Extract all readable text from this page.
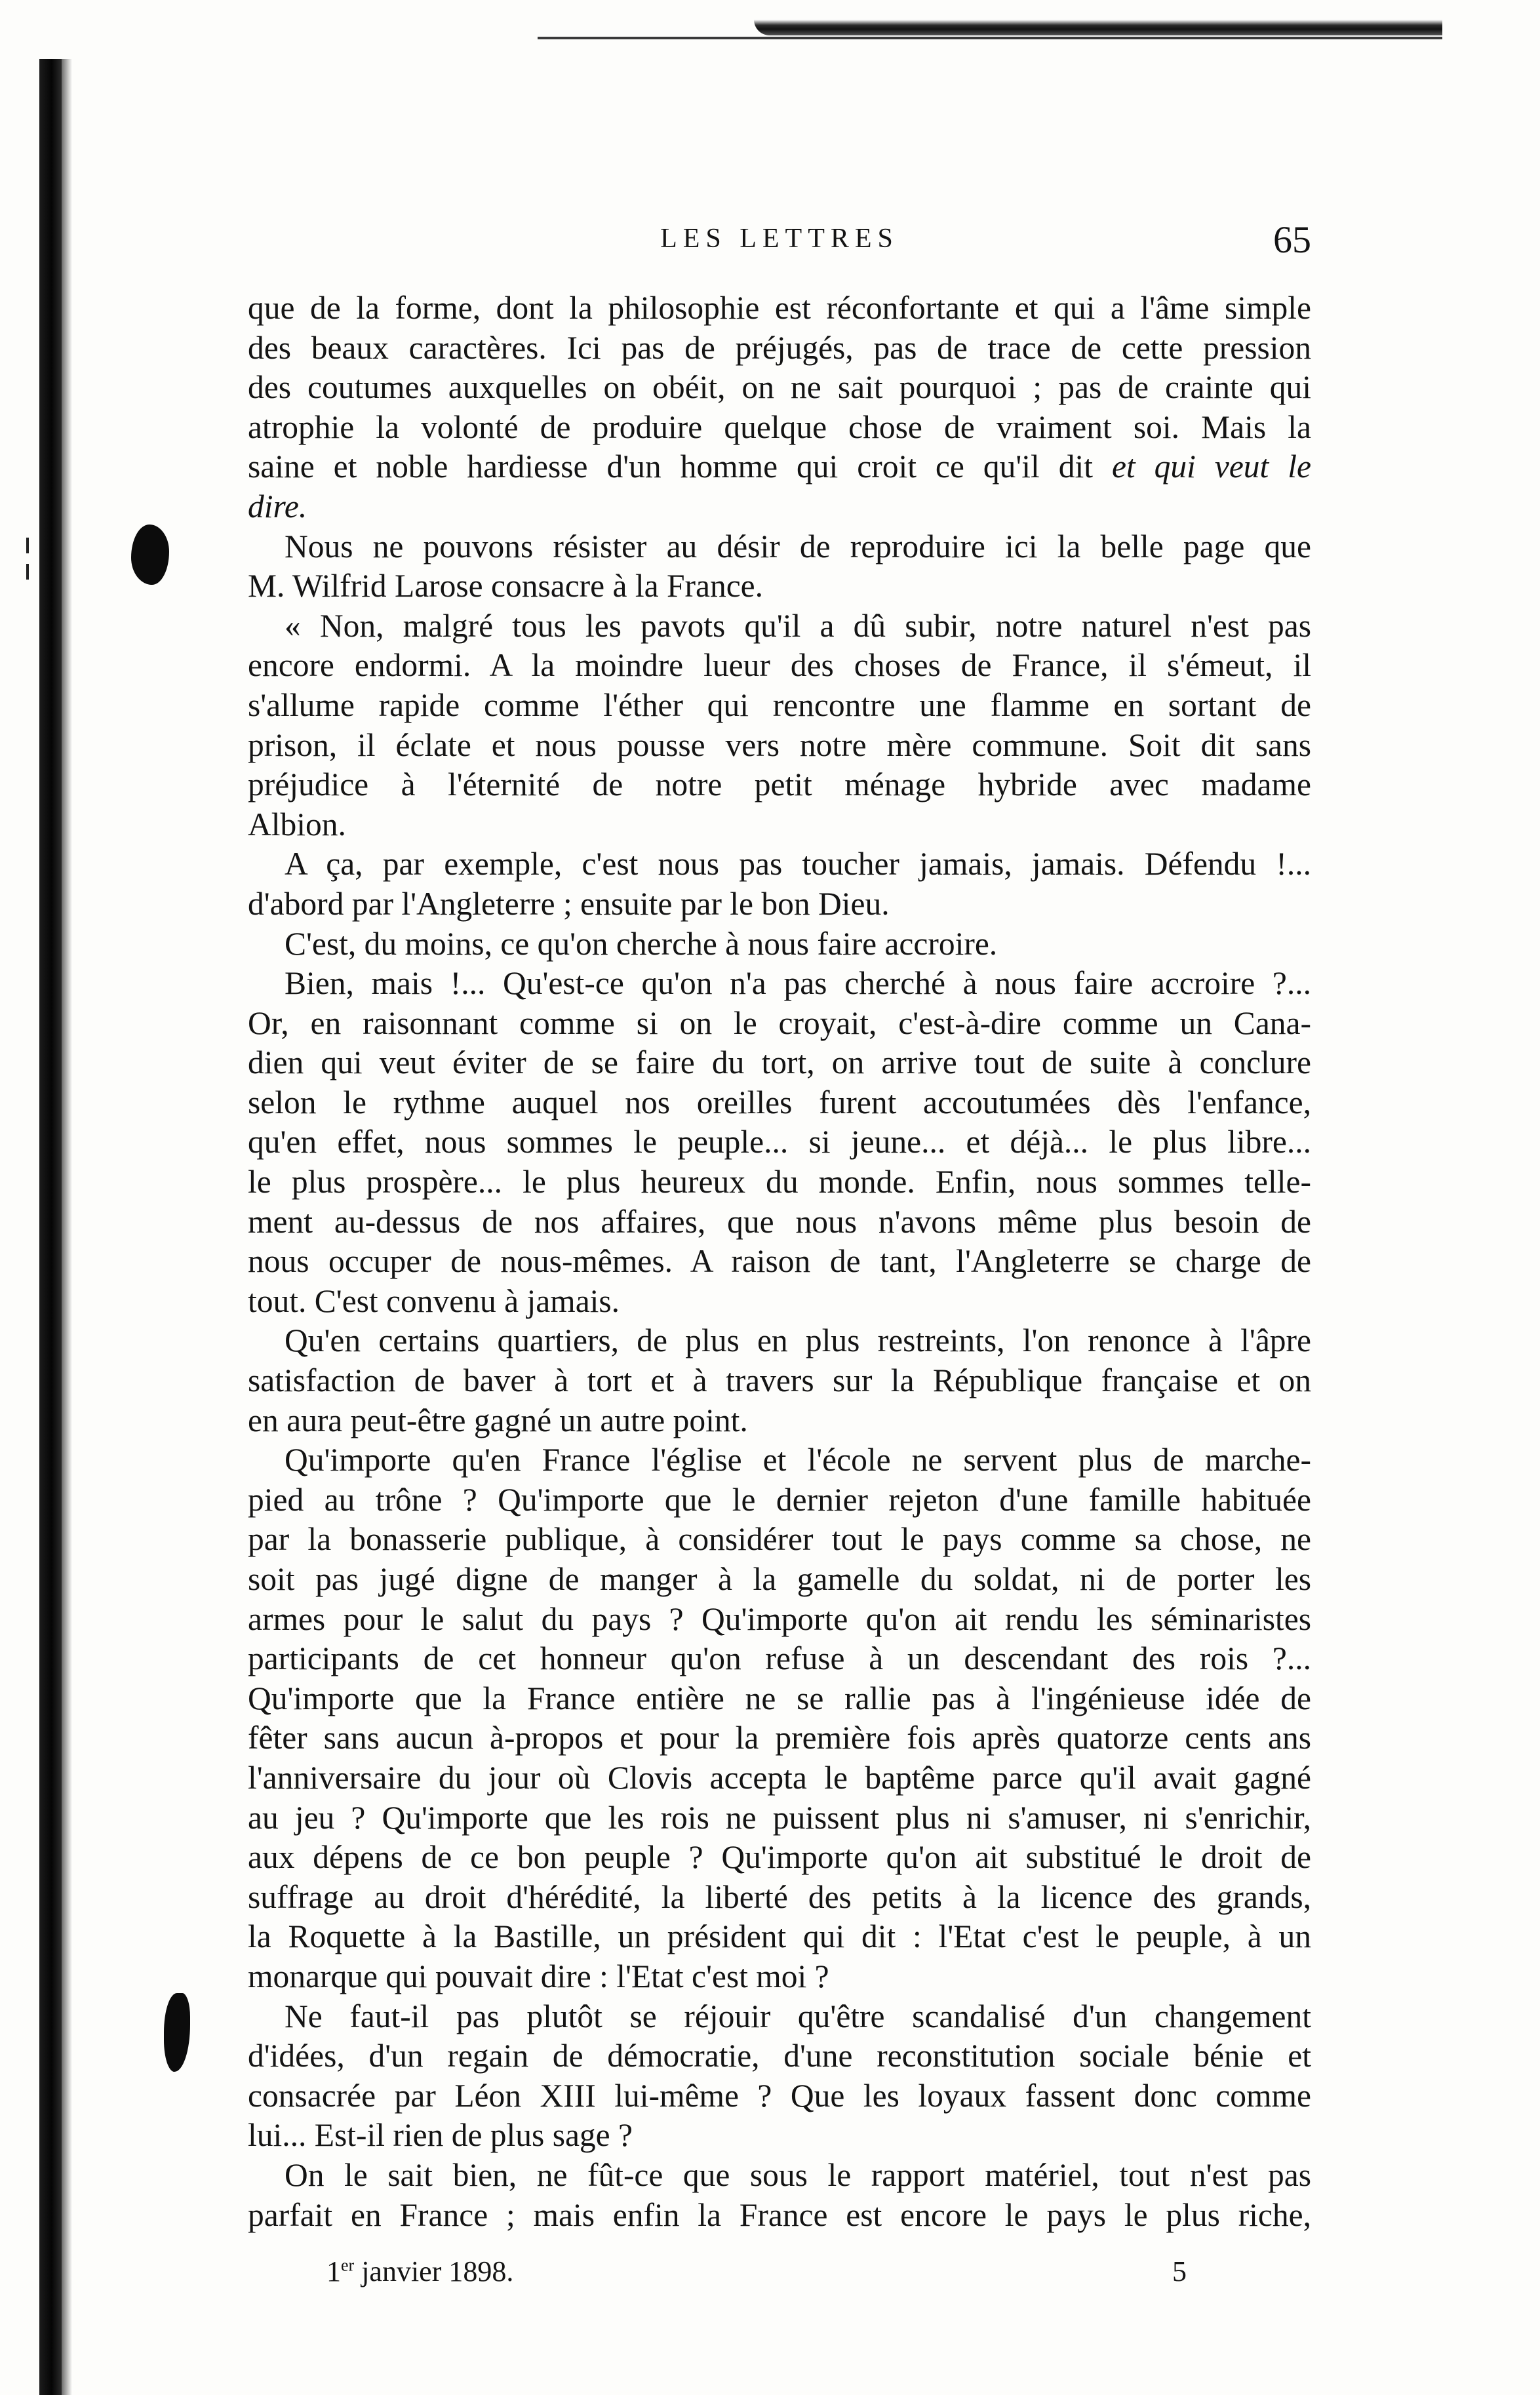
LES LETTRES	65
que de la forme, dont la philosophie est réconfortante et qui a l'âme simple
des beaux caractères. Ici pas de préjugés, pas de trace de cette pression
des coutumes auxquelles on obéit, on ne sait pourquoi ; pas de crainte qui
atrophie la volonté de produire quelque chose de vraiment soi. Mais la
saine et noble hardiesse d'un homme qui croit ce qu'il dit et qui veut le
dire.
Nous ne pouvons résister au désir de reproduire ici la belle page que
M. Wilfrid Larose consacre à la France.
« Non, malgré tous les pavots qu'il a dû subir, notre naturel n'est pas
encore endormi. A la moindre lueur des choses de France, il s'émeut, il
s'allume rapide comme l'éther qui rencontre une flamme en sortant de
prison, il éclate et nous pousse vers notre mère commune. Soit dit sans
préjudice à l'éternité de notre petit ménage hybride avec madame
Albion.
A ça, par exemple, c'est nous pas toucher jamais, jamais. Défendu !...
d'abord par l'Angleterre ; ensuite par le bon Dieu.
C'est, du moins, ce qu'on cherche à nous faire accroire.
Bien, mais !... Qu'est-ce qu'on n'a pas cherché à nous faire accroire ?...
Or, en raisonnant comme si on le croyait, c'est-à-dire comme un Cana-
dien qui veut éviter de se faire du tort, on arrive tout de suite à conclure
selon le rythme auquel nos oreilles furent accoutumées dès l'enfance,
qu'en effet, nous sommes le peuple... si jeune... et déjà... le plus libre...
le plus prospère... le plus heureux du monde. Enfin, nous sommes telle-
ment au-dessus de nos affaires, que nous n'avons même plus besoin de
nous occuper de nous-mêmes. A raison de tant, l'Angleterre se charge de
tout. C'est convenu à jamais.
Qu'en certains quartiers, de plus en plus restreints, l'on renonce à l'âpre
satisfaction de baver à tort et à travers sur la République française et on
en aura peut-être gagné un autre point.
Qu'importe qu'en France l'église et l'école ne servent plus de marche-
pied au trône ? Qu'importe que le dernier rejeton d'une famille habituée
par la bonasserie publique, à considérer tout le pays comme sa chose, ne
soit pas jugé digne de manger à la gamelle du soldat, ni de porter les
armes pour le salut du pays ? Qu'importe qu'on ait rendu les séminaristes
participants de cet honneur qu'on refuse à un descendant des rois ?...
Qu'importe que la France entière ne se rallie pas à l'ingénieuse idée de
fêter sans aucun à-propos et pour la première fois après quatorze cents ans
l'anniversaire du jour où Clovis accepta le baptême parce qu'il avait gagné
au jeu ? Qu'importe que les rois ne puissent plus ni s'amuser, ni s'enrichir,
aux dépens de ce bon peuple ? Qu'importe qu'on ait substitué le droit de
suffrage au droit d'hérédité, la liberté des petits à la licence des grands,
la Roquette à la Bastille, un président qui dit : l'Etat c'est le peuple, à un
monarque qui pouvait dire : l'Etat c'est moi ?
Ne faut-il pas plutôt se réjouir qu'être scandalisé d'un changement
d'idées, d'un regain de démocratie, d'une reconstitution sociale bénie et
consacrée par Léon XIII lui-même ? Que les loyaux fassent donc comme
lui... Est-il rien de plus sage ?
On le sait bien, ne fût-ce que sous le rapport matériel, tout n'est pas
parfait en France ; mais enfin la France est encore le pays le plus riche,
1er janvier 1898.	5
